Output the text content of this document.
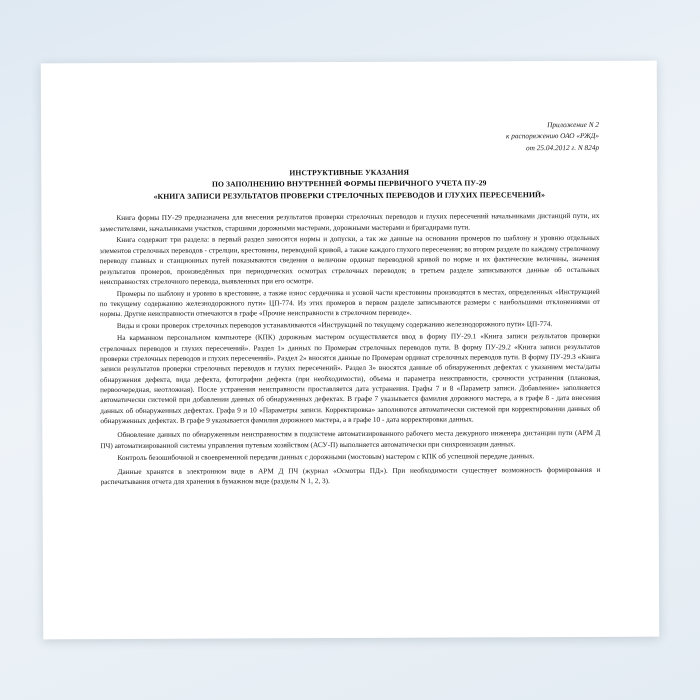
Приложение N 2
к распоряжению ОАО «РЖД»
от 25.04.2012 г. N 824р
ИНСТРУКТИВНЫЕ УКАЗАНИЯ
ПО ЗАПОЛНЕНИЮ ВНУТРЕННЕЙ ФОРМЫ ПЕРВИЧНОГО УЧЕТА ПУ-29
«КНИГА ЗАПИСИ РЕЗУЛЬТАТОВ ПРОВЕРКИ СТРЕЛОЧНЫХ ПЕРЕВОДОВ И ГЛУХИХ ПЕРЕСЕЧЕНИЙ»

Книга формы ПУ-29 предназначена для внесения результатов проверки стрелочных переводов и глухих пересечений начальниками дистанций пути, их заместителями, начальниками участков, старшими дорожными мастерами, дорожными мастерами и бригадирами пути.

Книга содержит три раздела: в первый раздел заносятся нормы и допуски, а так же данные на основании промеров по шаблону и уровню отдельных элементов стрелочных переводов - стрелции, крестовины, переводной кривой, а также каждого глухого пересечения; во втором разделе по каждому стрелочному переводу главных и станционных путей показываются сведения о величине ординат переводной кривой по норме и их фактические величины, значения результатов промеров, произведённых при периодических осмотрах стрелочных переводов; в третьем разделе записываются данные об остальных неисправностях стрелочного перевода, выявленных при его осмотре.

Промеры по шаблону и уровню в крестовине, а также износ сердечника и усовой части крестовины производятся в местах, определенных «Инструкцией по текущему содержанию железнодорожного пути» ЦП-774. Из этих промеров в первом разделе записываются размеры с наибольшими отклонениями от нормы. Другие неисправности отмечаются в графе «Прочие неисправности в стрелочном переводе».

Виды и сроки проверок стрелочных переводов устанавливаются «Инструкцией по текущему содержанию железнодорожного пути» ЦП-774.

На карманном персональном компьютере (КПК) дорожным мастером осуществляется ввод в форму ПУ-29.1 «Книга записи результатов проверки стрелочных переводов и глухих пересечений». Раздел 1» данных по Промерам стрелочных переводов пути. В форму ПУ-29.2 «Книга записи результатов проверки стрелочных переводов и глухих пересечений». Раздел 2» вносятся данные по Промерам ординат стрелочных переводов пути. В форму ПУ-29.3 «Книга записи результатов проверки стрелочных переводов и глухих пересечений». Раздел 3» вносятся данные об обнаруженных дефектах с указанием места/даты обнаружения дефекта, вида дефекта, фотографии дефекта (при необходимости), объема и параметра неисправности, срочности устранения (плановая, первоочередная, неотложная). После устранения неисправности проставляется дата устранения. Графы 7 и 8 «Параметр записи. Добавление» заполняется автоматически системой при добавлении данных об обнаруженных дефектах. В графе 7 указывается фамилия дорожного мастера, а в графе 8 - дата внесения данных об обнаруженных дефектах. Графа 9 и 10 «Параметры записи. Корректировка» заполняются автоматически системой при корректировании данных об обнаруженных дефектах. В графе 9 указывается фамилия дорожного мастера, а в графе 10 - дата корректировки данных.

Обновление данных по обнаруженным неисправностям в подсистеме автоматизированного рабочего места дежурного инженера дистанции пути (АРМ Д ПЧ) автоматизированной системы управления путевым хозяйством (АСУ-П) выполняется автоматически при синхронизации данных.

Контроль безошибочной и своевременной передачи данных с дорожными (мостовым) мастером с КПК об успешной передаче данных.

Данные хранятся в электронном виде в АРМ Д ПЧ (журнал «Осмотры ПД»). При необходимости существует возможность формирования и распечатывания отчета для хранения в бумажном виде (разделы N 1, 2, 3).
